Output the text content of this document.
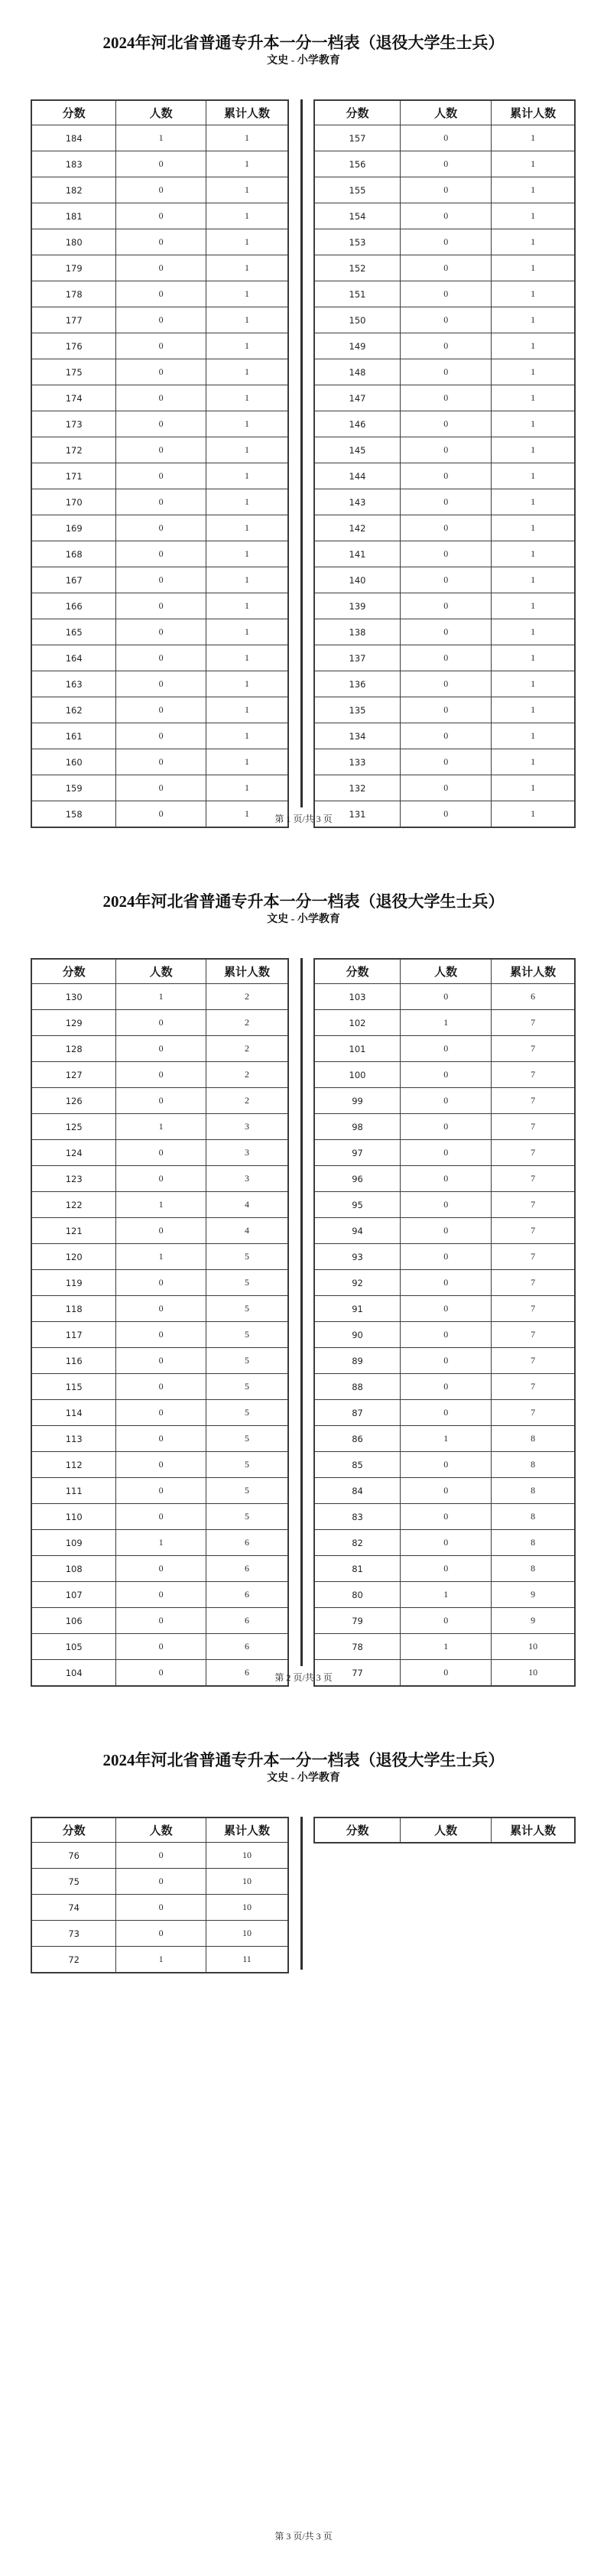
2024年河北省普通专升本一分一档表（退役大学生士兵）
文史 - 小学教育
分数	人数	累计人数
184	1	1
183	0	1
182	0	1
181	0	1
180	0	1
179	0	1
178	0	1
177	0	1
176	0	1
175	0	1
174	0	1
173	0	1
172	0	1
171	0	1
170	0	1
169	0	1
168	0	1
167	0	1
166	0	1
165	0	1
164	0	1
163	0	1
162	0	1
161	0	1
160	0	1
159	0	1
158	0	1
分数	人数	累计人数
157	0	1
156	0	1
155	0	1
154	0	1
153	0	1
152	0	1
151	0	1
150	0	1
149	0	1
148	0	1
147	0	1
146	0	1
145	0	1
144	0	1
143	0	1
142	0	1
141	0	1
140	0	1
139	0	1
138	0	1
137	0	1
136	0	1
135	0	1
134	0	1
133	0	1
132	0	1
131	0	1
第 1 页/共 3 页
2024年河北省普通专升本一分一档表（退役大学生士兵）
文史 - 小学教育
分数	人数	累计人数
130	1	2
129	0	2
128	0	2
127	0	2
126	0	2
125	1	3
124	0	3
123	0	3
122	1	4
121	0	4
120	1	5
119	0	5
118	0	5
117	0	5
116	0	5
115	0	5
114	0	5
113	0	5
112	0	5
111	0	5
110	0	5
109	1	6
108	0	6
107	0	6
106	0	6
105	0	6
104	0	6
分数	人数	累计人数
103	0	6
102	1	7
101	0	7
100	0	7
99	0	7
98	0	7
97	0	7
96	0	7
95	0	7
94	0	7
93	0	7
92	0	7
91	0	7
90	0	7
89	0	7
88	0	7
87	0	7
86	1	8
85	0	8
84	0	8
83	0	8
82	0	8
81	0	8
80	1	9
79	0	9
78	1	10
77	0	10
第 2 页/共 3 页
2024年河北省普通专升本一分一档表（退役大学生士兵）
文史 - 小学教育
分数	人数	累计人数
76	0	10
75	0	10
74	0	10
73	0	10
72	1	11
分数	人数	累计人数
第 3 页/共 3 页
